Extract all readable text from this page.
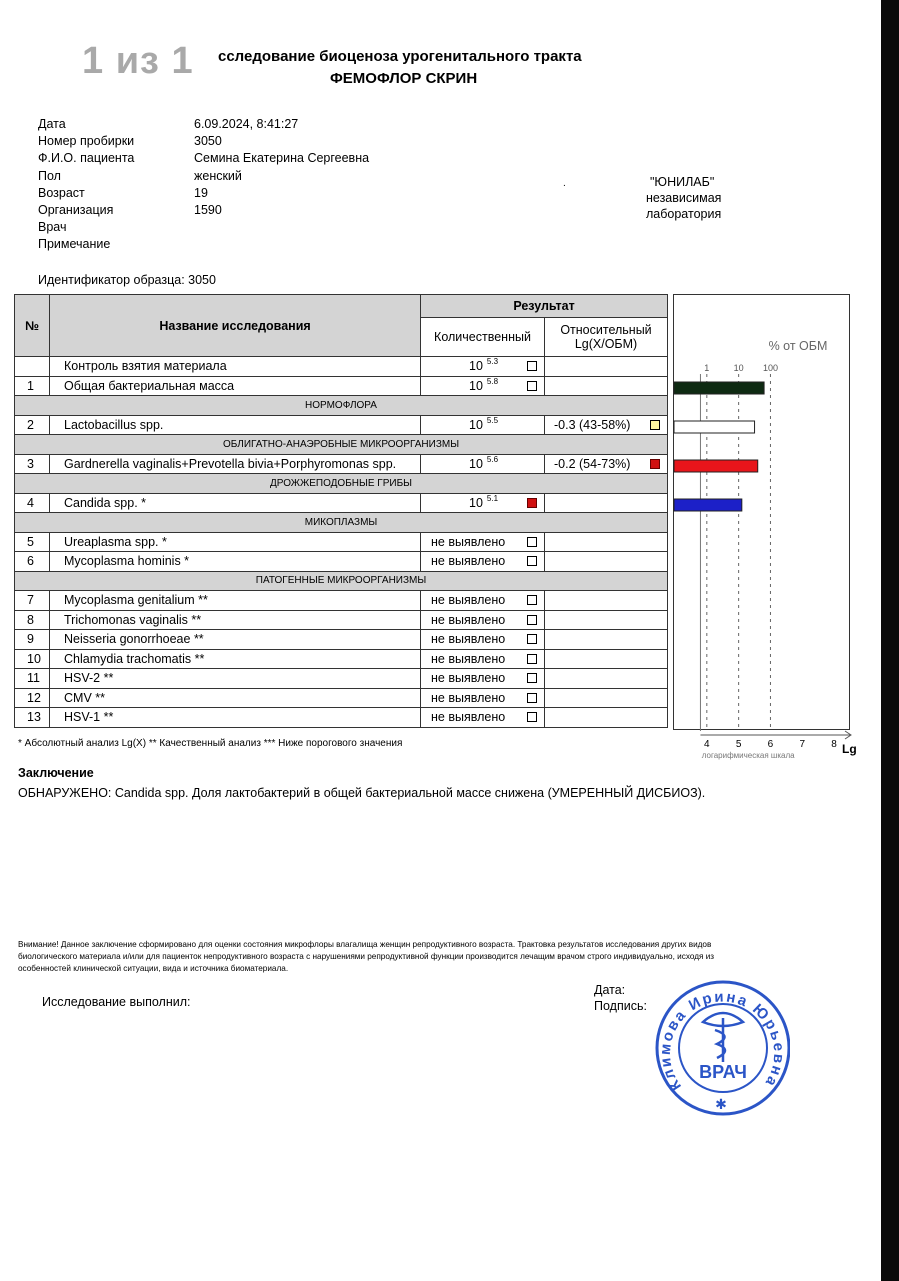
1 из 1 сследование биоценоза урогенитального тракта
ФЕМОФЛОР СКРИН
Дата	6.09.2024, 8:41:27
Номер пробирки	3050
Ф.И.О. пациента	Семина Екатерина Сергеевна
Пол	женский
Возраст	19
Организация	1590
Врач
Примечание
.	"ЮНИЛАБ"
независимая
лаборатория
Идентификатор образца: 3050
№	Название исследования	Результат	
		Количественный	Относительный
Lg(X/ОБМ)

	Контроль взятия материала	10 $^{5.3}$

1	Общая бактериальная масса	10 $^{5.8}$

НОРМОФЛОРА			
2	Lactobacillus spp.	10 $^{5.5}$	-0.3 (43-58%)

ОБЛИГАТНО-АНАЭРОБНЫЕ МИКРООРГАНИЗМЫ			
3	Gardnerella vaginalis+Prevotella bivia+Porphyromonas spp.	10 $^{5.6}$	-0.2 (54-73%)

ДРОЖЖЕПОДОБНЫЕ ГРИБЫ			
4	Candida spp. *	10 $^{5.1}$

МИКОПЛАЗМЫ			
5	Ureaplasma spp. *	не выявлено

6	Mycoplasma hominis *	не выявлено

ПАТОГЕННЫЕ МИКРООРГАНИЗМЫ			
7	Mycoplasma genitalium **	не выявлено

8	Trichomonas vaginalis **	не выявлено

9	Neisseria gonorrhoeae **	не выявлено

10	Chlamydia trachomatis **	не выявлено

11	HSV-2 **	не выявлено

12	CMV **	не выявлено

13	HSV-1 **	не выявлено

1	10 100
% от ОБМ
4	5	6	7	8
логарифмическая шкала	Lg
* Абсолютный анализ Lg(X) ** Качественный анализ *** Ниже порогового значения
Заключение
ОБНАРУЖЕНО: Candida spp. Доля лактобактерий в общей бактериальной массе снижена (УМЕРЕННЫЙ ДИСБИОЗ).
Внимание! Данное заключение сформировано для оценки состояния микрофлоры влагалища женщин репродуктивного возраста. Трактовка результатов исследования других видов биологического материала и/или для пациенток непродуктивного возраста с нарушениями репродуктивной функции производится лечащим врачом строго индивидуально, исходя из особенностей клинической ситуации, вида и источника биоматериала.
Исследование выполнил:
Дата:
Подпись:
Климова Ирина Юрьевна
ВРАЧ
✱
